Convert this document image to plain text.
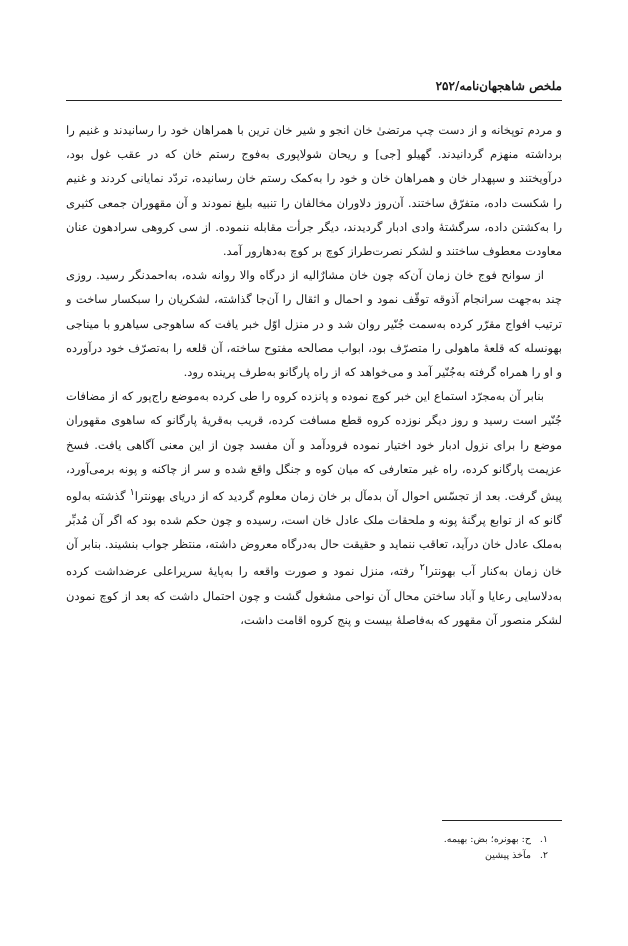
ملخص شاهجهان‌نامه/۲۵۲

و مردم توپخانه و از دست چپ مرتضیٰ خان انجو و شیر خان ترین با همراهان خود را رسانیدند و غنیم را برداشته منهزم گردانیدند. گهیلو [جی] و ریحان شولاپوری به‌فوج رستم خان که در عقب غول بود، درآویختند و سپهدار خان و همراهان خان و خود را به‌کمک رستم خان رسانیده، تردّد نمایانی کردند و غنیم را شکست داده، متفرّق ساختند. آن‌روز دلاوران مخالفان را تنبیه بلیغ نمودند و آن مقهوران جمعی کثیری را به‌کشتن داده، سرگشتهٔ وادی ادبار گردیدند، دیگر جرأت مقابله ننموده. از سی کروهی سرادهون عنان معاودت معطوف ساختند و لشکر نصرت‌طراز کوچ بر کوچ به‌دهارور آمد.

از سوانح فوج خان زمان آن‌که چون خان مشارٌالیه از درگاه والا روانه شده، به‌احمدنگر رسید. روزی چند به‌جهت سرانجام آذوقه توقّف نمود و احمال و اثقال را آن‌جا گذاشته، لشکریان را سبکسار ساخت و ترتیب افواج مقرّر کرده به‌سمت جُنّیر روان شد و در منزل اوّل خبر یافت که ساهوجی سیاهرو با میناجی بهونسله که قلعهٔ ماهولی را متصرّف بود، ابواب مصالحه مفتوح ساخته، آن قلعه را به‌تصرّف خود درآورده و او را همراه گرفته به‌جُنّیر آمد و می‌خواهد که از راه پارگانو به‌طرف پرینده رود.

بنابر آن به‌مجرّد استماع این خبر کوچ نموده و پانزده کروه را طی کرده به‌موضع راج‌پور که از مضافات جُنّیر است رسید و روز دیگر نوزده کروه قطع مسافت کرده، قریب به‌قریهٔ پارگانو که ساهوی مقهوران موضع را برای نزول ادبار خود اختیار نموده فرودآمد و آن مفسد چون از این معنی آگاهی یافت. فسخ عزیمت پارگانو کرده، راه غیر متعارفی که میان کوه و جنگل واقع شده و سر از چاکنه و پونه برمی‌آورد، پیش گرفت. بعد از تجسّس احوال آن بدمآل بر خان زمان معلوم گردید که از دریای بهونترا$^۱$ گذشته به‌لوه گانو که از توابع پرگنهٔ پونه و ملحقات ملک عادل خان است، رسیده و چون حکم شده بود که اگر آن مُدبِّر به‌ملک عادل خان درآید، تعاقب ننماید و حقیقت حال به‌درگاه معروض داشته، منتظر جواب بنشیند. بنابر آن خان زمان به‌کنار آب بهونترا$^۲$ رفته، منزل نمود و صورت واقعه را به‌پایهٔ سریراعلی عرضداشت کرده به‌دلاسایی رعایا و آباد ساختن محال آن نواحی مشغول گشت و چون احتمال داشت که بعد از کوچ نمودن لشکر منصور آن مقهور که به‌فاصلهٔ بیست و پنج کروه اقامت داشت،

۱. ح: بهونره؛ بض: بهیمه.

۲. مآخذ پیشین
